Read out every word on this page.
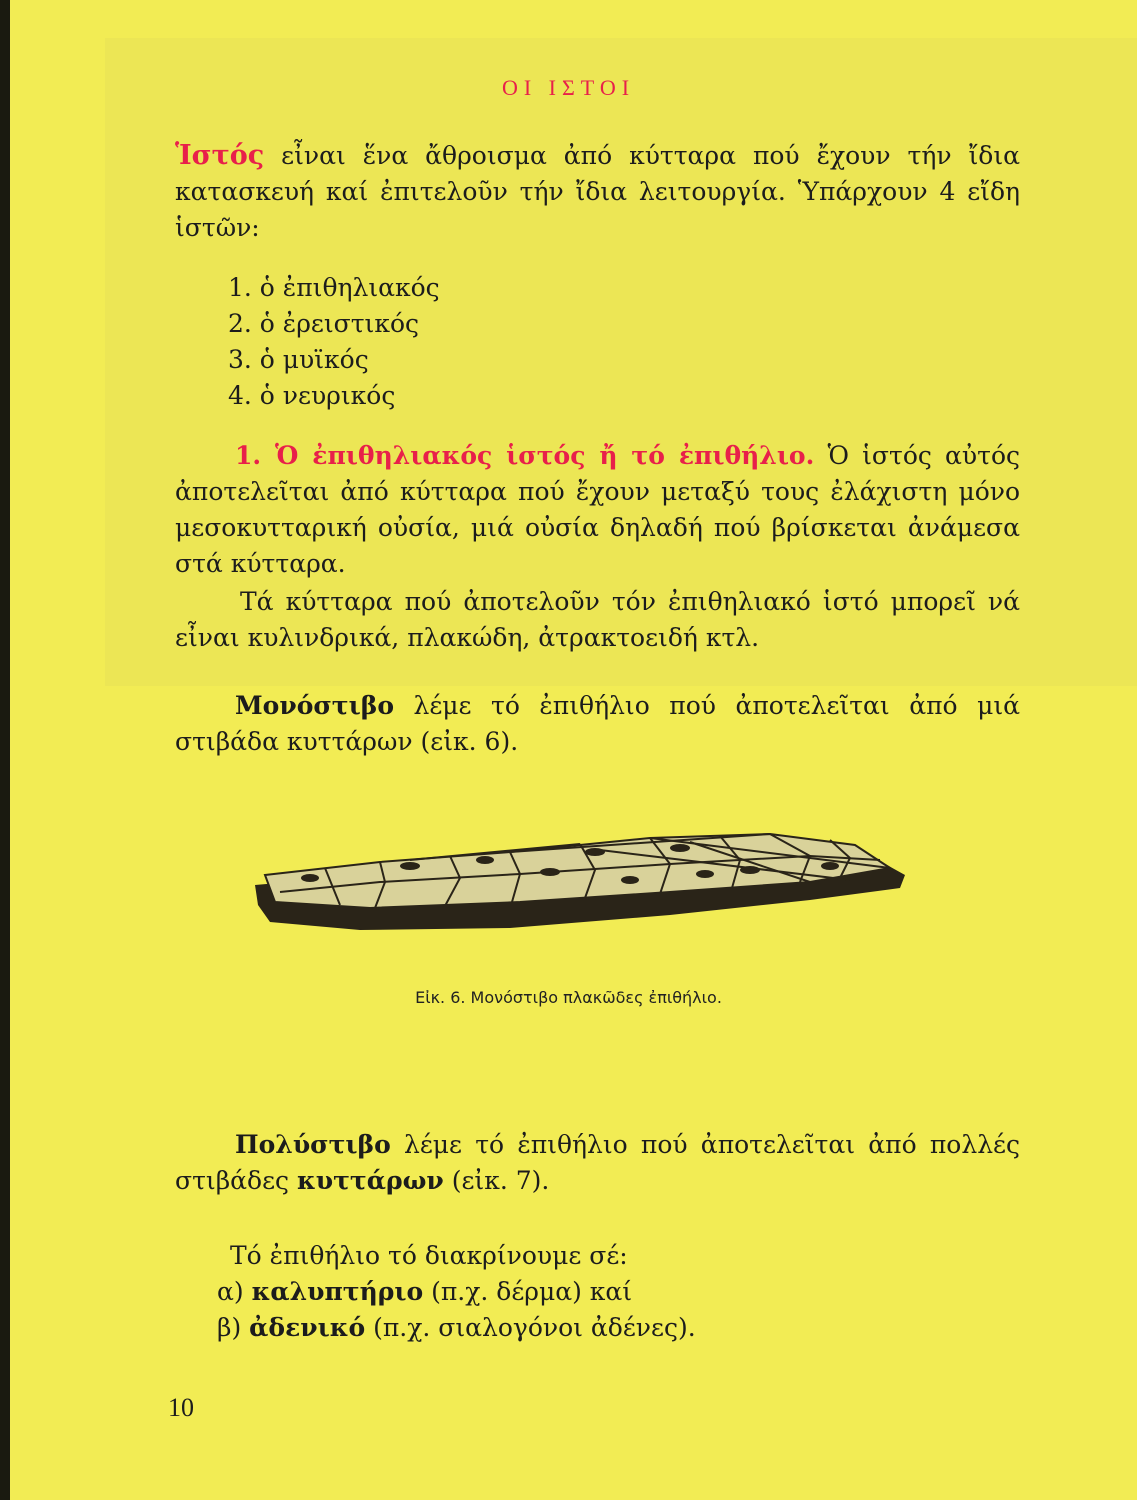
ΟΙ ΙΣΤΟΙ

Ἱστός εἶναι ἕνα ἄθροισμα ἀπό κύτταρα πού ἔχουν τήν ἴδια κατασκευή καί ἐπιτελοῦν τήν ἴδια λειτουργία. Ὑπάρχουν 4 εἴδη ἱστῶν:

1. ὁ ἐπιθηλιακός
2. ὁ ἐρειστικός
3. ὁ μυϊκός
4. ὁ νευρικός

1. Ὁ ἐπιθηλιακός ἱστός ἤ τό ἐπιθήλιο. Ὁ ἱστός αὐτός ἀποτελεῖται ἀπό κύτταρα πού ἔχουν μεταξύ τους ἐλάχιστη μόνο μεσοκυτταρική οὐσία, μιά οὐσία δηλαδή πού βρίσκεται ἀνάμεσα στά κύτταρα.

Τά κύτταρα πού ἀποτελοῦν τόν ἐπιθηλιακό ἱστό μπορεῖ νά εἶναι κυλινδρικά, πλακώδη, ἀτρακτοειδή κτλ.

Μονόστιβο λέμε τό ἐπιθήλιο πού ἀποτελεῖται ἀπό μιά στιβάδα κυττάρων (εἰκ. 6).

Εἰκ. 6. Μονόστιβο πλακῶδες ἐπιθήλιο.

Πολύστιβο λέμε τό ἐπιθήλιο πού ἀποτελεῖται ἀπό πολλές στιβάδες κυττάρων (εἰκ. 7).

Τό ἐπιθήλιο τό διακρίνουμε σέ:
α) καλυπτήριο (π.χ. δέρμα) καί
β) ἀδενικό (π.χ. σιαλογόνοι ἀδένες).

10
